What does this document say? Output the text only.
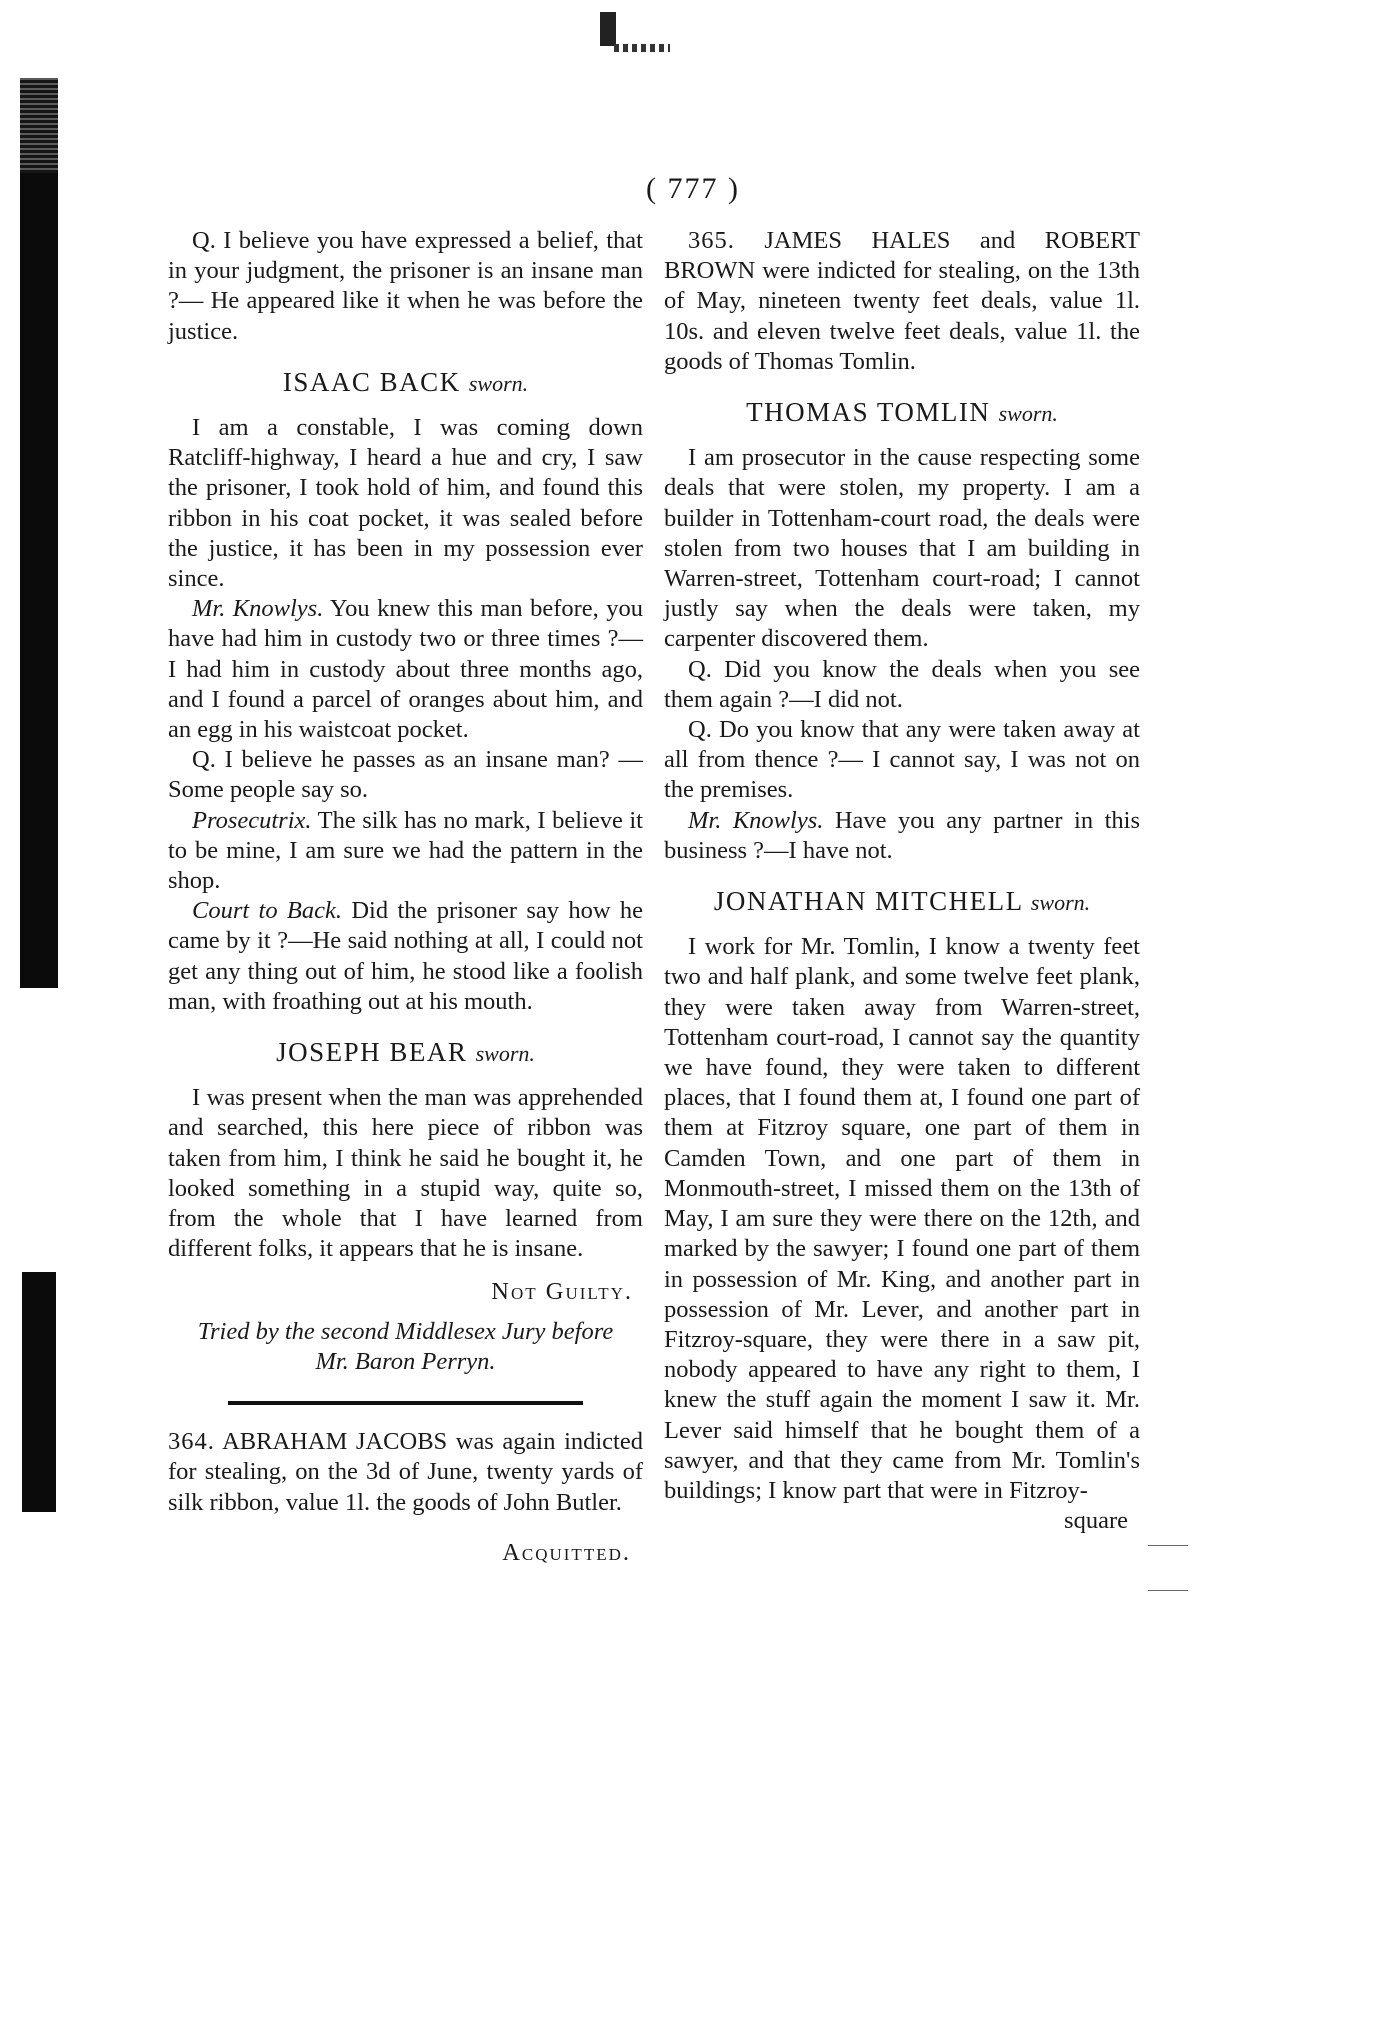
( 777 )

Q. I believe you have expressed a belief, that in your judgment, the prisoner is an insane man ?— He appeared like it when he was before the justice.

ISAAC BACK sworn.

I am a constable, I was coming down Ratcliff-highway, I heard a hue and cry, I saw the prisoner, I took hold of him, and found this ribbon in his coat pocket, it was sealed before the justice, it has been in my possession ever since.

Mr. Knowlys. You knew this man before, you have had him in custody two or three times ?— I had him in custody about three months ago, and I found a parcel of oranges about him, and an egg in his waistcoat pocket.

Q. I believe he passes as an insane man? —Some people say so.

Prosecutrix. The silk has no mark, I believe it to be mine, I am sure we had the pattern in the shop.

Court to Back. Did the prisoner say how he came by it ?—He said nothing at all, I could not get any thing out of him, he stood like a foolish man, with froathing out at his mouth.

JOSEPH BEAR sworn.

I was present when the man was apprehended and searched, this here piece of ribbon was taken from him, I think he said he bought it, he looked something in a stupid way, quite so, from the whole that I have learned from different folks, it appears that he is insane.

Not Guilty.
Tried by the second Middlesex Jury before
Mr. Baron Perryn.

364. ABRAHAM JACOBS was again indicted for stealing, on the 3d of June, twenty yards of silk ribbon, value 1l. the goods of John Butler.

Acquitted.

365. JAMES HALES and ROBERT BROWN were indicted for stealing, on the 13th of May, nineteen twenty feet deals, value 1l. 10s. and eleven twelve feet deals, value 1l. the goods of Thomas Tomlin.

THOMAS TOMLIN sworn.

I am prosecutor in the cause respecting some deals that were stolen, my property. I am a builder in Tottenham-court road, the deals were stolen from two houses that I am building in Warren-street, Tottenham court-road; I cannot justly say when the deals were taken, my carpenter discovered them.

Q. Did you know the deals when you see them again ?—I did not.

Q. Do you know that any were taken away at all from thence ?— I cannot say, I was not on the premises.

Mr. Knowlys. Have you any partner in this business ?—I have not.

JONATHAN MITCHELL sworn.

I work for Mr. Tomlin, I know a twenty feet two and half plank, and some twelve feet plank, they were taken away from Warren-street, Tottenham court-road, I cannot say the quantity we have found, they were taken to different places, that I found them at, I found one part of them at Fitzroy square, one part of them in Camden Town, and one part of them in Monmouth-street, I missed them on the 13th of May, I am sure they were there on the 12th, and marked by the sawyer; I found one part of them in possession of Mr. King, and another part in possession of Mr. Lever, and another part in Fitzroy-square, they were there in a saw pit, nobody appeared to have any right to them, I knew the stuff again the moment I saw it. Mr. Lever said himself that he bought them of a sawyer, and that they came from Mr. Tomlin's buildings; I know part that were in Fitzroy-

square
